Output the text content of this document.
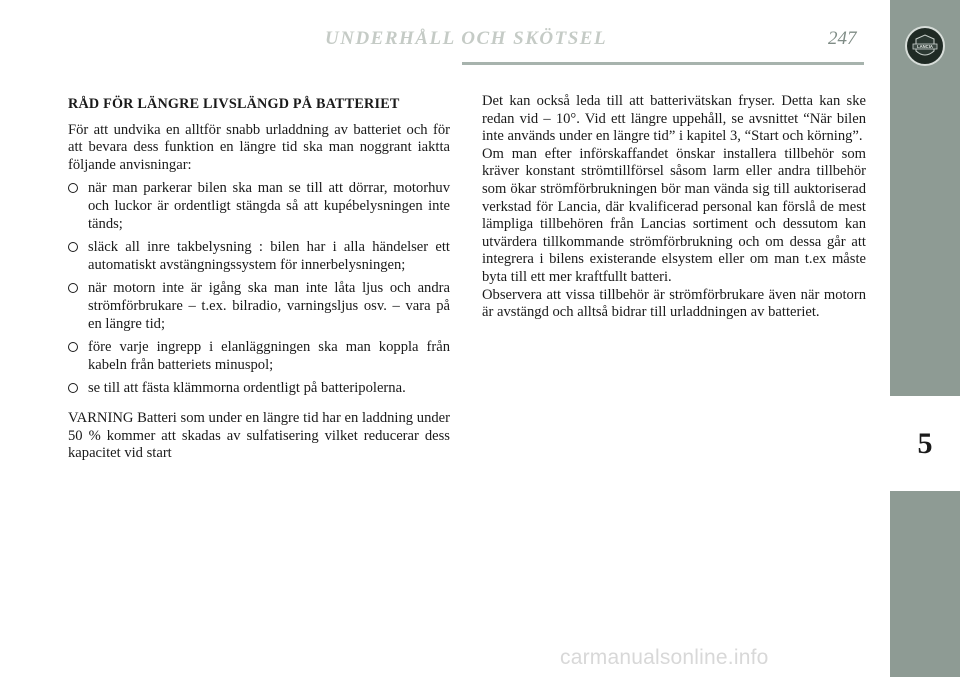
LANCIA
5
UNDERHÅLL OCH SKÖTSEL	247
RÅD FÖR LÄNGRE LIVSLÄNGD PÅ BATTERIET

För att undvika en alltför snabb urladdning av batteriet och för att bevara dess funktion en längre tid ska man noggrant iaktta följande anvisningar:

när man parkerar bilen ska man se till att dörrar, motorhuv och luckor är ordentligt stängda så att kupébelysningen inte tänds;
släck all inre takbelysning : bilen har i alla händelser ett automatiskt avstängningssystem för innerbelysningen;
när motorn inte är igång ska man inte låta ljus och andra strömförbrukare – t.ex. bilradio, varningsljus osv. – vara på en längre tid;
före varje ingrepp i elanläggningen ska man koppla från kabeln från batteriets minuspol;
se till att fästa klämmorna ordentligt på batteripolerna.

VARNING Batteri som under en längre tid har en laddning under 50 % kommer att skadas av sulfatisering vilket reducerar dess kapacitet vid start

Det kan också leda till att batterivätskan fryser. Detta kan ske redan vid – 10°. Vid ett längre uppehåll, se avsnittet “När bilen inte används under en längre tid” i kapitel 3, “Start och körning”.

Om man efter införskaffandet önskar installera tillbehör som kräver konstant strömtillförsel såsom larm eller andra tillbehör som ökar strömförbrukningen bör man vända sig till auktoriserad verkstad för Lancia, där kvalificerad personal kan förslå de mest lämpliga tillbehören från Lancias sortiment och dessutom kan utvärdera tillkommande strömförbrukning och om dessa går att integrera i bilens existerande elsystem eller om man t.ex måste byta till ett mer kraftfullt batteri.

Observera att vissa tillbehör är strömförbrukare även när motorn är avstängd och alltså bidrar till urladdningen av batteriet.

carmanualsonline.info
